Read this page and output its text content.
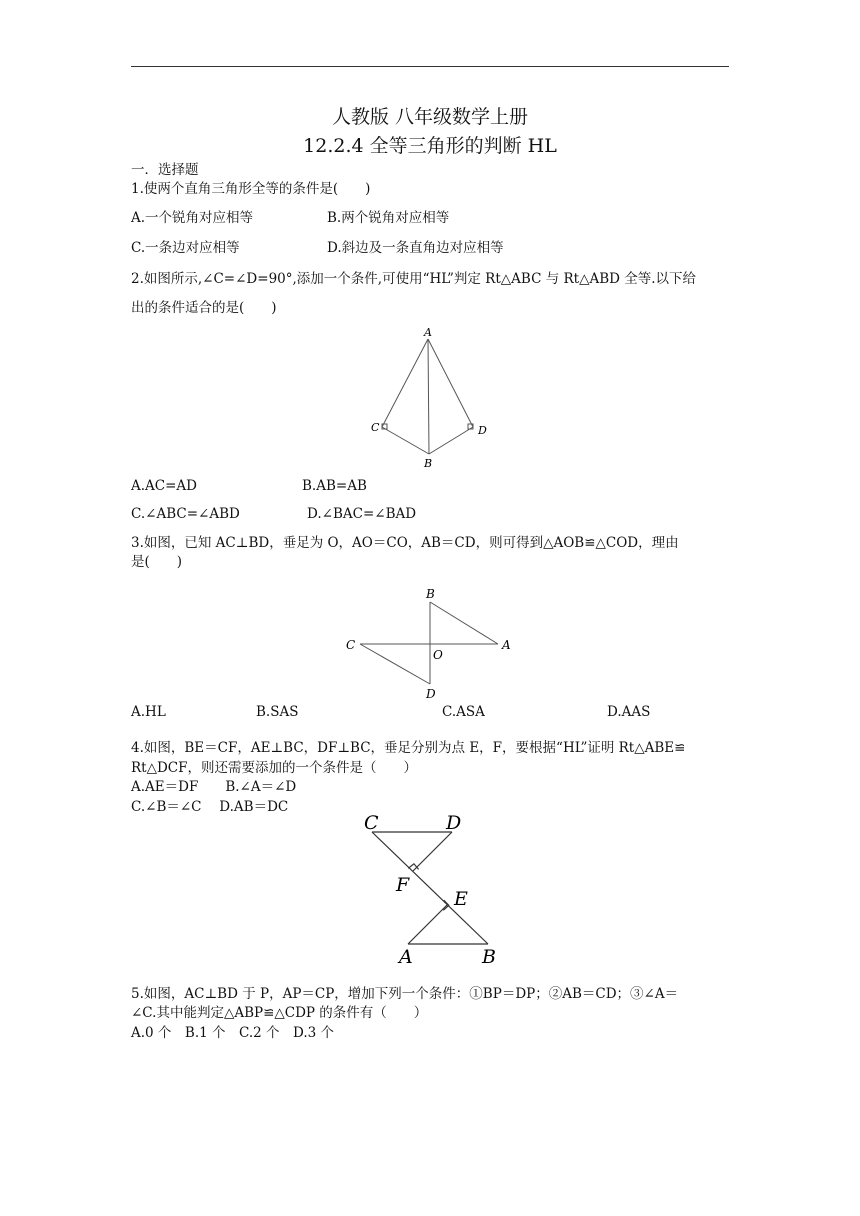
人教版 八年级数学上册
12.2.4 全等三角形的判断 HL
一．选择题
1.使两个直角三角形全等的条件是(　　)
A.一个锐角对应相等	B.两个锐角对应相等
C.一条边对应相等	D.斜边及一条直角边对应相等
2.如图所示,∠C=∠D=90°,添加一个条件,可使用“HL”判定 Rt△ABC 与 Rt△ABD 全等.以下给
出的条件适合的是(　　)
A
C	D
B
A.AC=AD	B.AB=AB
C.∠ABC=∠ABD	D.∠BAC=∠BAD
3.如图，已知 AC⊥BD，垂足为 O，AO＝CO，AB＝CD，则可得到△AOB≌△COD，理由
是(　　)
B
A
C
O
D
A.HL	B.SAS	C.ASA	D.AAS
4.如图，BE＝CF，AE⊥BC，DF⊥BC，垂足分别为点 E，F，要根据“HL”证明 Rt△ABE≌
Rt△DCF，则还需要添加的一个条件是（　　）
A.AE＝DF　　B.∠A＝∠D
C.∠B＝∠C　 D.AB＝DC
C	D
F
E
A	B
5.如图，AC⊥BD 于 P，AP＝CP，增加下列一个条件：①BP＝DP；②AB＝CD；③∠A＝
∠C.其中能判定△ABP≌△CDP 的条件有（　　）
A.0 个　B.1 个　C.2 个　D.3 个
